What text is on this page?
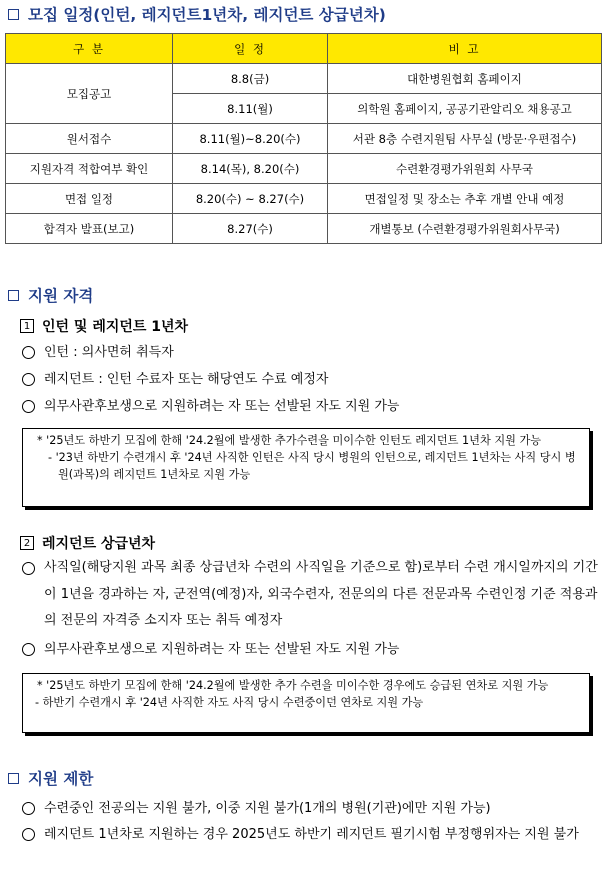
모집 일정(인턴, 레지던트1년차, 레지던트 상급년차)
구 분	일 정	비 고
모집공고	8.8(금)	대한병원협회 홈페이지
	8.11(월)	의학원 홈페이지, 공공기관알리오 채용공고
원서접수	8.11(월)~8.20(수)	서관 8층 수련지원팀 사무실 (방문·우편접수)
지원자격 적합여부 확인	8.14(목), 8.20(수)	수련환경평가위원회 사무국
면접 일정	8.20(수) ~ 8.27(수)	면접일정 및 장소는 추후 개별 안내 예정
합격자 발표(보고)	8.27(수)	개별통보 (수련환경평가위원회사무국)
지원 자격
1 인턴 및 레지던트 1년차
인턴 : 의사면허 취득자
레지던트 : 인턴 수료자 또는 해당연도 수료 예정자
의무사관후보생으로 지원하려는 자 또는 선발된 자도 지원 가능
* '25년도 하반기 모집에 한해 '24.2월에 발생한 추가수련을 미이수한 인턴도 레지던트 1년차 지원 가능
- '23년 하반기 수련개시 후 '24년 사직한 인턴은 사직 당시 병원의 인턴으로, 레지던트 1년차는 사직 당시 병원(과목)의 레지던트 1년차로 지원 가능
2 레지던트 상급년차
사직일(해당지원 과목 최종 상급년차 수련의 사직일을 기준으로 함)로부터 수련 개시일까지의 기간이 1년을 경과하는 자, 군전역(예정)자, 외국수련자, 전문의의 다른 전문과목 수련인정 기준 적용과의 전문의 자격증 소지자 또는 취득 예정자
의무사관후보생으로 지원하려는 자 또는 선발된 자도 지원 가능
* '25년도 하반기 모집에 한해 '24.2월에 발생한 추가 수련을 미이수한 경우에도 승급된 연차로 지원 가능
- 하반기 수련개시 후 '24년 사직한 자도 사직 당시 수련중이던 연차로 지원 가능
지원 제한
수련중인 전공의는 지원 불가, 이중 지원 불가(1개의 병원(기관)에만 지원 가능)
레지던트 1년차로 지원하는 경우 2025년도 하반기 레지던트 필기시험 부정행위자는 지원 불가
